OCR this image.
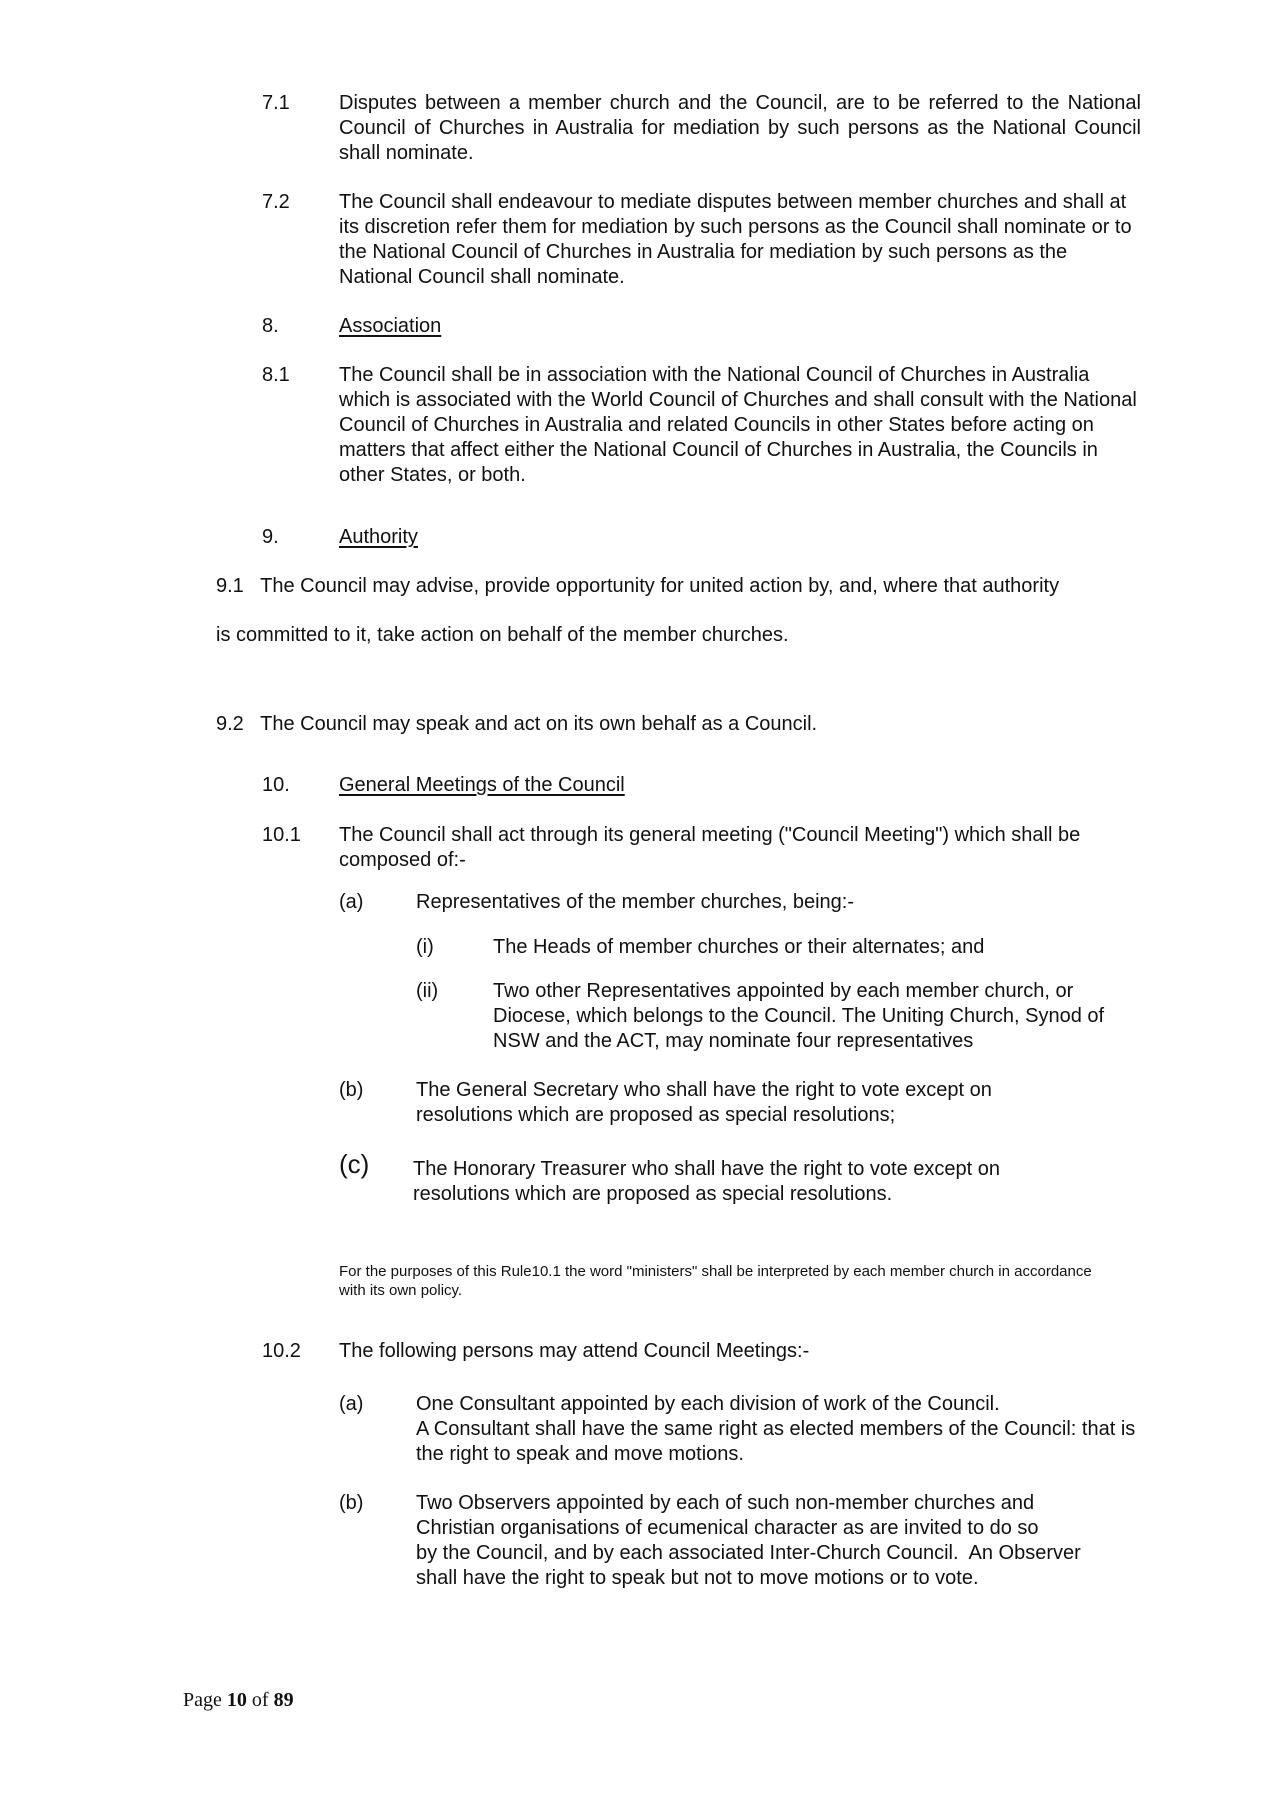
7.1 Disputes between a member church and the Council, are to be referred to the National Council of Churches in Australia for mediation by such persons as the National Council shall nominate.
7.2 The Council shall endeavour to mediate disputes between member churches and shall at its discretion refer them for mediation by such persons as the Council shall nominate or to the National Council of Churches in Australia for mediation by such persons as the National Council shall nominate.
8.	Association
8.1 The Council shall be in association with the National Council of Churches in Australia which is associated with the World Council of Churches and shall consult with the National Council of Churches in Australia and related Councils in other States before acting on matters that affect either the National Council of Churches in Australia, the Councils in other States, or both.
9.	Authority
9.1   The Council may advise, provide opportunity for united action by, and, where that authority
is committed to it, take action on behalf of the member churches.
9.2   The Council may speak and act on its own behalf as a Council.
10. General Meetings of the Council
10.1 The Council shall act through its general meeting ("Council Meeting") which shall be composed of:-
(a)	Representatives of the member churches, being:-
(i)	The Heads of member churches or their alternates; and
(ii)	Two other Representatives appointed by each member church, or Diocese, which belongs to the Council. The Uniting Church, Synod of NSW and the ACT, may nominate four representatives
(b)	The General Secretary who shall have the right to vote except on resolutions which are proposed as special resolutions;
(c) The Honorary Treasurer who shall have the right to vote except on resolutions which are proposed as special resolutions.
For the purposes of this Rule10.1 the word "ministers" shall be interpreted by each member church in accordance with its own policy.
10.2 The following persons may attend Council Meetings:-
(a)	One Consultant appointed by each division of work of the Council.
A Consultant shall have the same right as elected members of the Council: that is the right to speak and move motions.
(b)	Two Observers appointed by each of such non-member churches and
Christian organisations of ecumenical character as are invited to do so
by the Council, and by each associated Inter-Church Council.  An Observer
shall have the right to speak but not to move motions or to vote.
Page 10 of 89
